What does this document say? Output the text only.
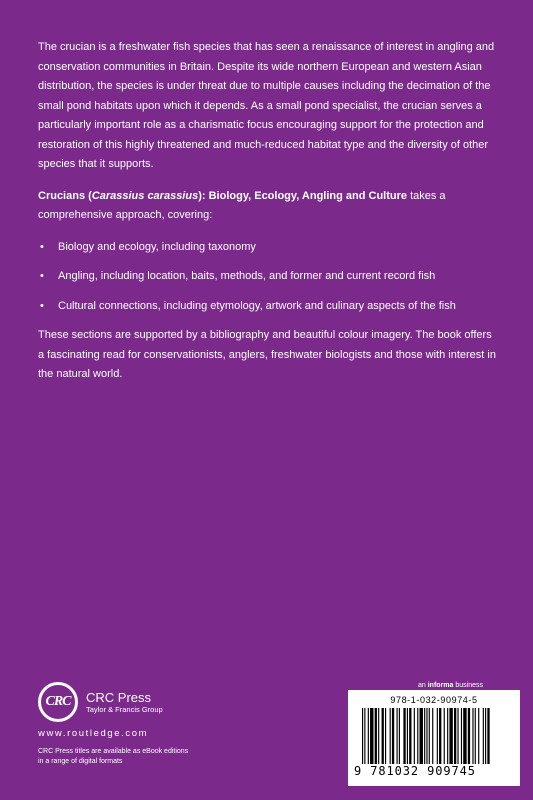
The crucian is a freshwater fish species that has seen a renaissance of interest in angling and conservation communities in Britain. Despite its wide northern European and western Asian distribution, the species is under threat due to multiple causes including the decimation of the small pond habitats upon which it depends. As a small pond specialist, the crucian serves a particularly important role as a charismatic focus encouraging support for the protection and restoration of this highly threatened and much-reduced habitat type and the diversity of other species that it supports.

Crucians (Carassius carassius): Biology, Ecology, Angling and Culture takes a comprehensive approach, covering:

• Biology and ecology, including taxonomy
• Angling, including location, baits, methods, and former and current record fish
• Cultural connections, including etymology, artwork and culinary aspects of the fish

These sections are supported by a bibliography and beautiful colour imagery. The book offers a fascinating read for conservationists, anglers, freshwater biologists and those with interest in the natural world.

CRC	CRC Press
Taylor & Francis Group
www.routledge.com
CRC Press titles are available as eBook editions
in a range of digital formats
an informa business
978-1-032-90974-5
9 781032 909745
